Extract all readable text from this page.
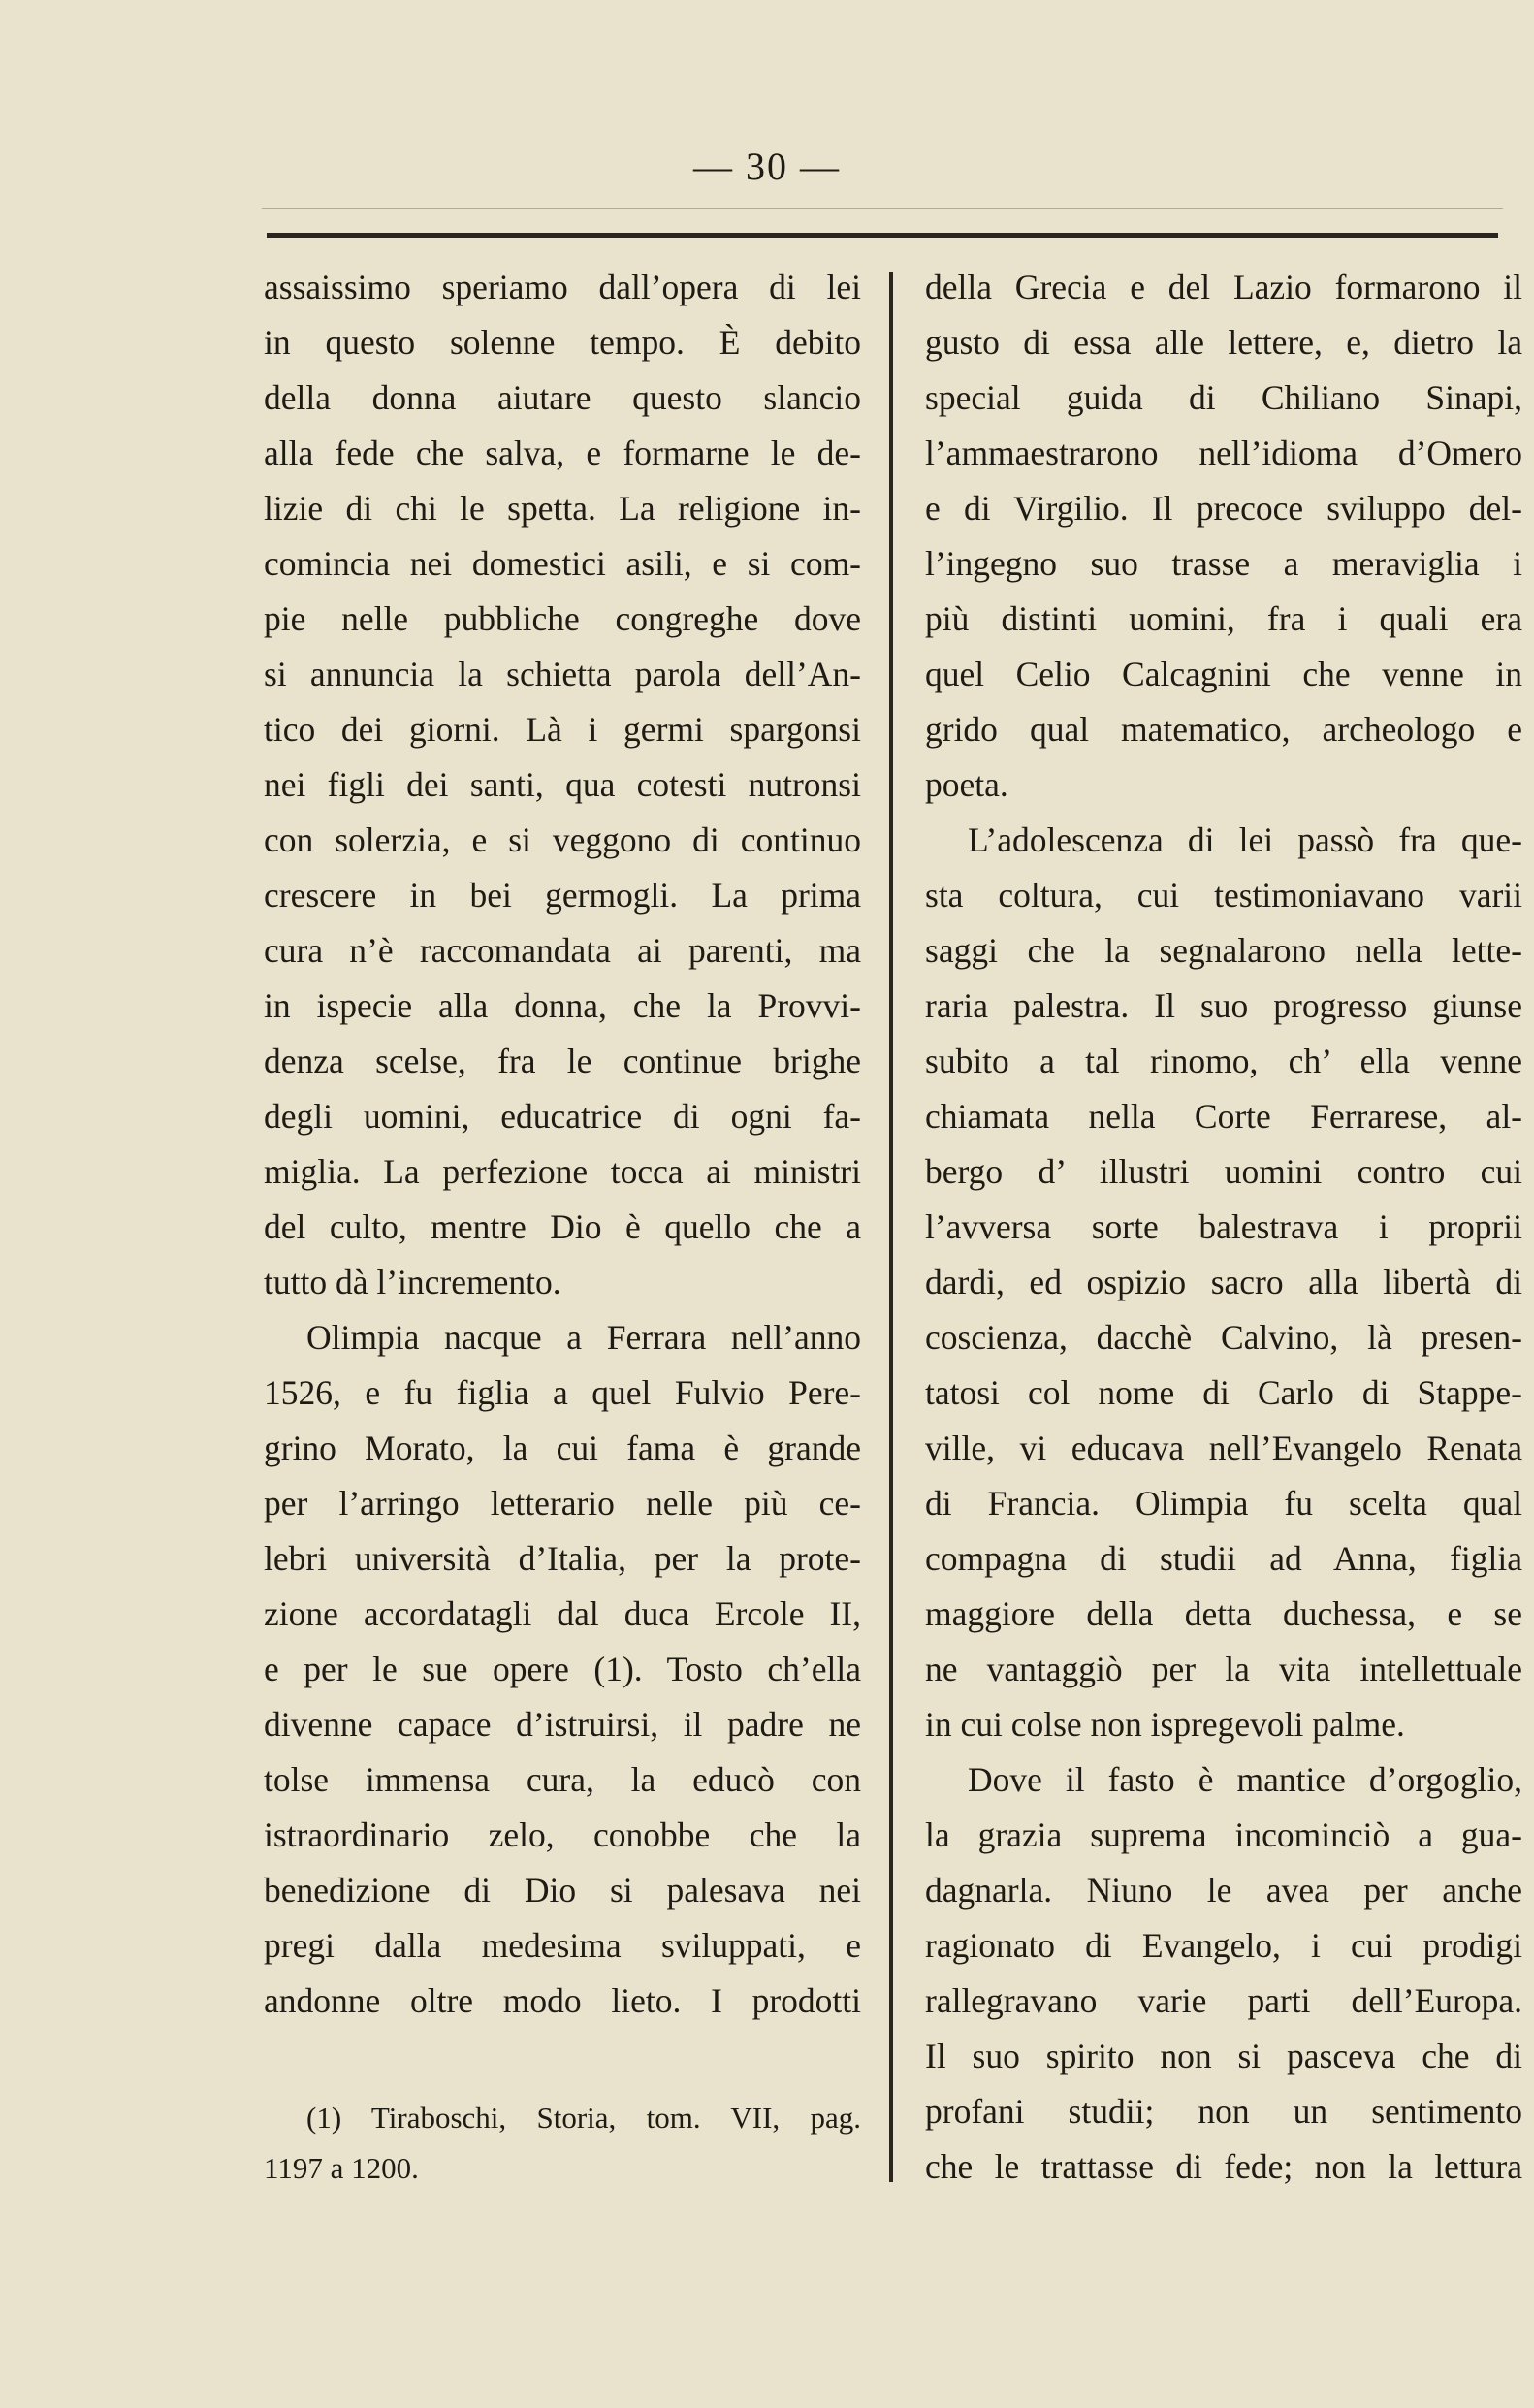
— 30 —
assaissimo speriamo dall’opera di lei
in questo solenne tempo. È debito
della donna aiutare questo slancio
alla fede che salva, e formarne le de-
lizie di chi le spetta. La religione in-
comincia nei domestici asili, e si com-
pie nelle pubbliche congreghe dove
si annuncia la schietta parola dell’An-
tico dei giorni. Là i germi spargonsi
nei figli dei santi, qua cotesti nutronsi
con solerzia, e si veggono di continuo
crescere in bei germogli. La prima
cura n’è raccomandata ai parenti, ma
in ispecie alla donna, che la Provvi-
denza scelse, fra le continue brighe
degli uomini, educatrice di ogni fa-
miglia. La perfezione tocca ai ministri
del culto, mentre Dio è quello che a
tutto dà l’incremento.
Olimpia nacque a Ferrara nell’anno
1526, e fu figlia a quel Fulvio Pere-
grino Morato, la cui fama è grande
per l’arringo letterario nelle più ce-
lebri università d’Italia, per la prote-
zione accordatagli dal duca Ercole II,
e per le sue opere (1). Tosto ch’ella
divenne capace d’istruirsi, il padre ne
tolse immensa cura, la educò con
istraordinario zelo, conobbe che la
benedizione di Dio si palesava nei
pregi dalla medesima sviluppati, e
andonne oltre modo lieto. I prodotti
della Grecia e del Lazio formarono il
gusto di essa alle lettere, e, dietro la
special guida di Chiliano Sinapi,
l’ammaestrarono nell’idioma d’Omero
e di Virgilio. Il precoce sviluppo del-
l’ingegno suo trasse a meraviglia i
più distinti uomini, fra i quali era
quel Celio Calcagnini che venne in
grido qual matematico, archeologo e
poeta.
L’adolescenza di lei passò fra que-
sta coltura, cui testimoniavano varii
saggi che la segnalarono nella lette-
raria palestra. Il suo progresso giunse
subito a tal rinomo, ch’ ella venne
chiamata nella Corte Ferrarese, al-
bergo d’ illustri uomini contro cui
l’avversa sorte balestrava i proprii
dardi, ed ospizio sacro alla libertà di
coscienza, dacchè Calvino, là presen-
tatosi col nome di Carlo di Stappe-
ville, vi educava nell’Evangelo Renata
di Francia. Olimpia fu scelta qual
compagna di studii ad Anna, figlia
maggiore della detta duchessa, e se
ne vantaggiò per la vita intellettuale
in cui colse non ispregevoli palme.
Dove il fasto è mantice d’orgoglio,
la grazia suprema incominciò a gua-
dagnarla. Niuno le avea per anche
ragionato di Evangelo, i cui prodigi
rallegravano varie parti dell’Europa.
Il suo spirito non si pasceva che di
profani studii; non un sentimento
che le trattasse di fede; non la lettura
(1) Tiraboschi, Storia, tom. VII, pag.
1197 a 1200.
